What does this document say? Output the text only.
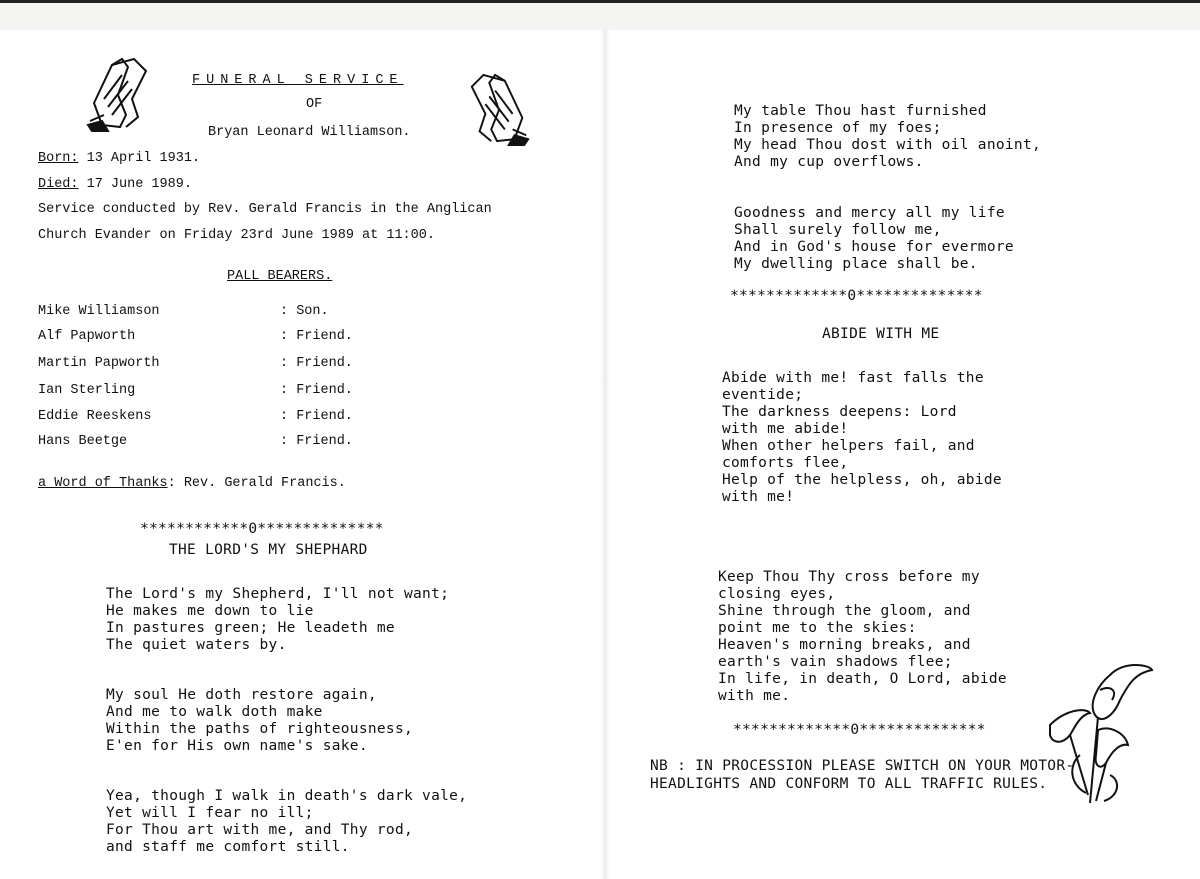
FUNERAL SERVICE
OF
Bryan Leonard Williamson.
Born: 13 April 1931.
Died: 17 June 1989.
Service conducted by Rev. Gerald Francis in the Anglican
Church Evander on Friday 23rd June 1989 at 11:00.
PALL BEARERS.
Mike Williamson	: Son.
Alf Papworth	: Friend.
Martin Papworth	: Friend.
Ian Sterling	: Friend.
Eddie Reeskens	: Friend.
Hans Beetge	: Friend.
a Word of Thanks: Rev. Gerald Francis.
************0**************
THE LORD'S MY SHEPHARD
The Lord's my Shepherd, I'll not want;
He makes me down to lie
In pastures green; He leadeth me
The quiet waters by.
My soul He doth restore again,
And me to walk doth make
Within the paths of righteousness,
E'en for His own name's sake.
Yea, though I walk in death's dark vale,
Yet will I fear no ill;
For Thou art with me, and Thy rod,
and staff me comfort still.
My table Thou hast furnished
In presence of my foes;
My head Thou dost with oil anoint,
And my cup overflows.
Goodness and mercy all my life
Shall surely follow me,
And in God's house for evermore
My dwelling place shall be.
*************0**************
ABIDE WITH ME
Abide with me! fast falls the
eventide;
The darkness deepens: Lord
with me abide!
When other helpers fail, and
comforts flee,
Help of the helpless, oh, abide
with me!
Keep Thou Thy cross before my
closing eyes,
Shine through the gloom, and
point me to the skies:
Heaven's morning breaks, and
earth's vain shadows flee;
In life, in death, O Lord, abide
with me.
*************0**************
NB : IN PROCESSION PLEASE SWITCH ON YOUR MOTOR-
HEADLIGHTS AND CONFORM TO ALL TRAFFIC RULES.
